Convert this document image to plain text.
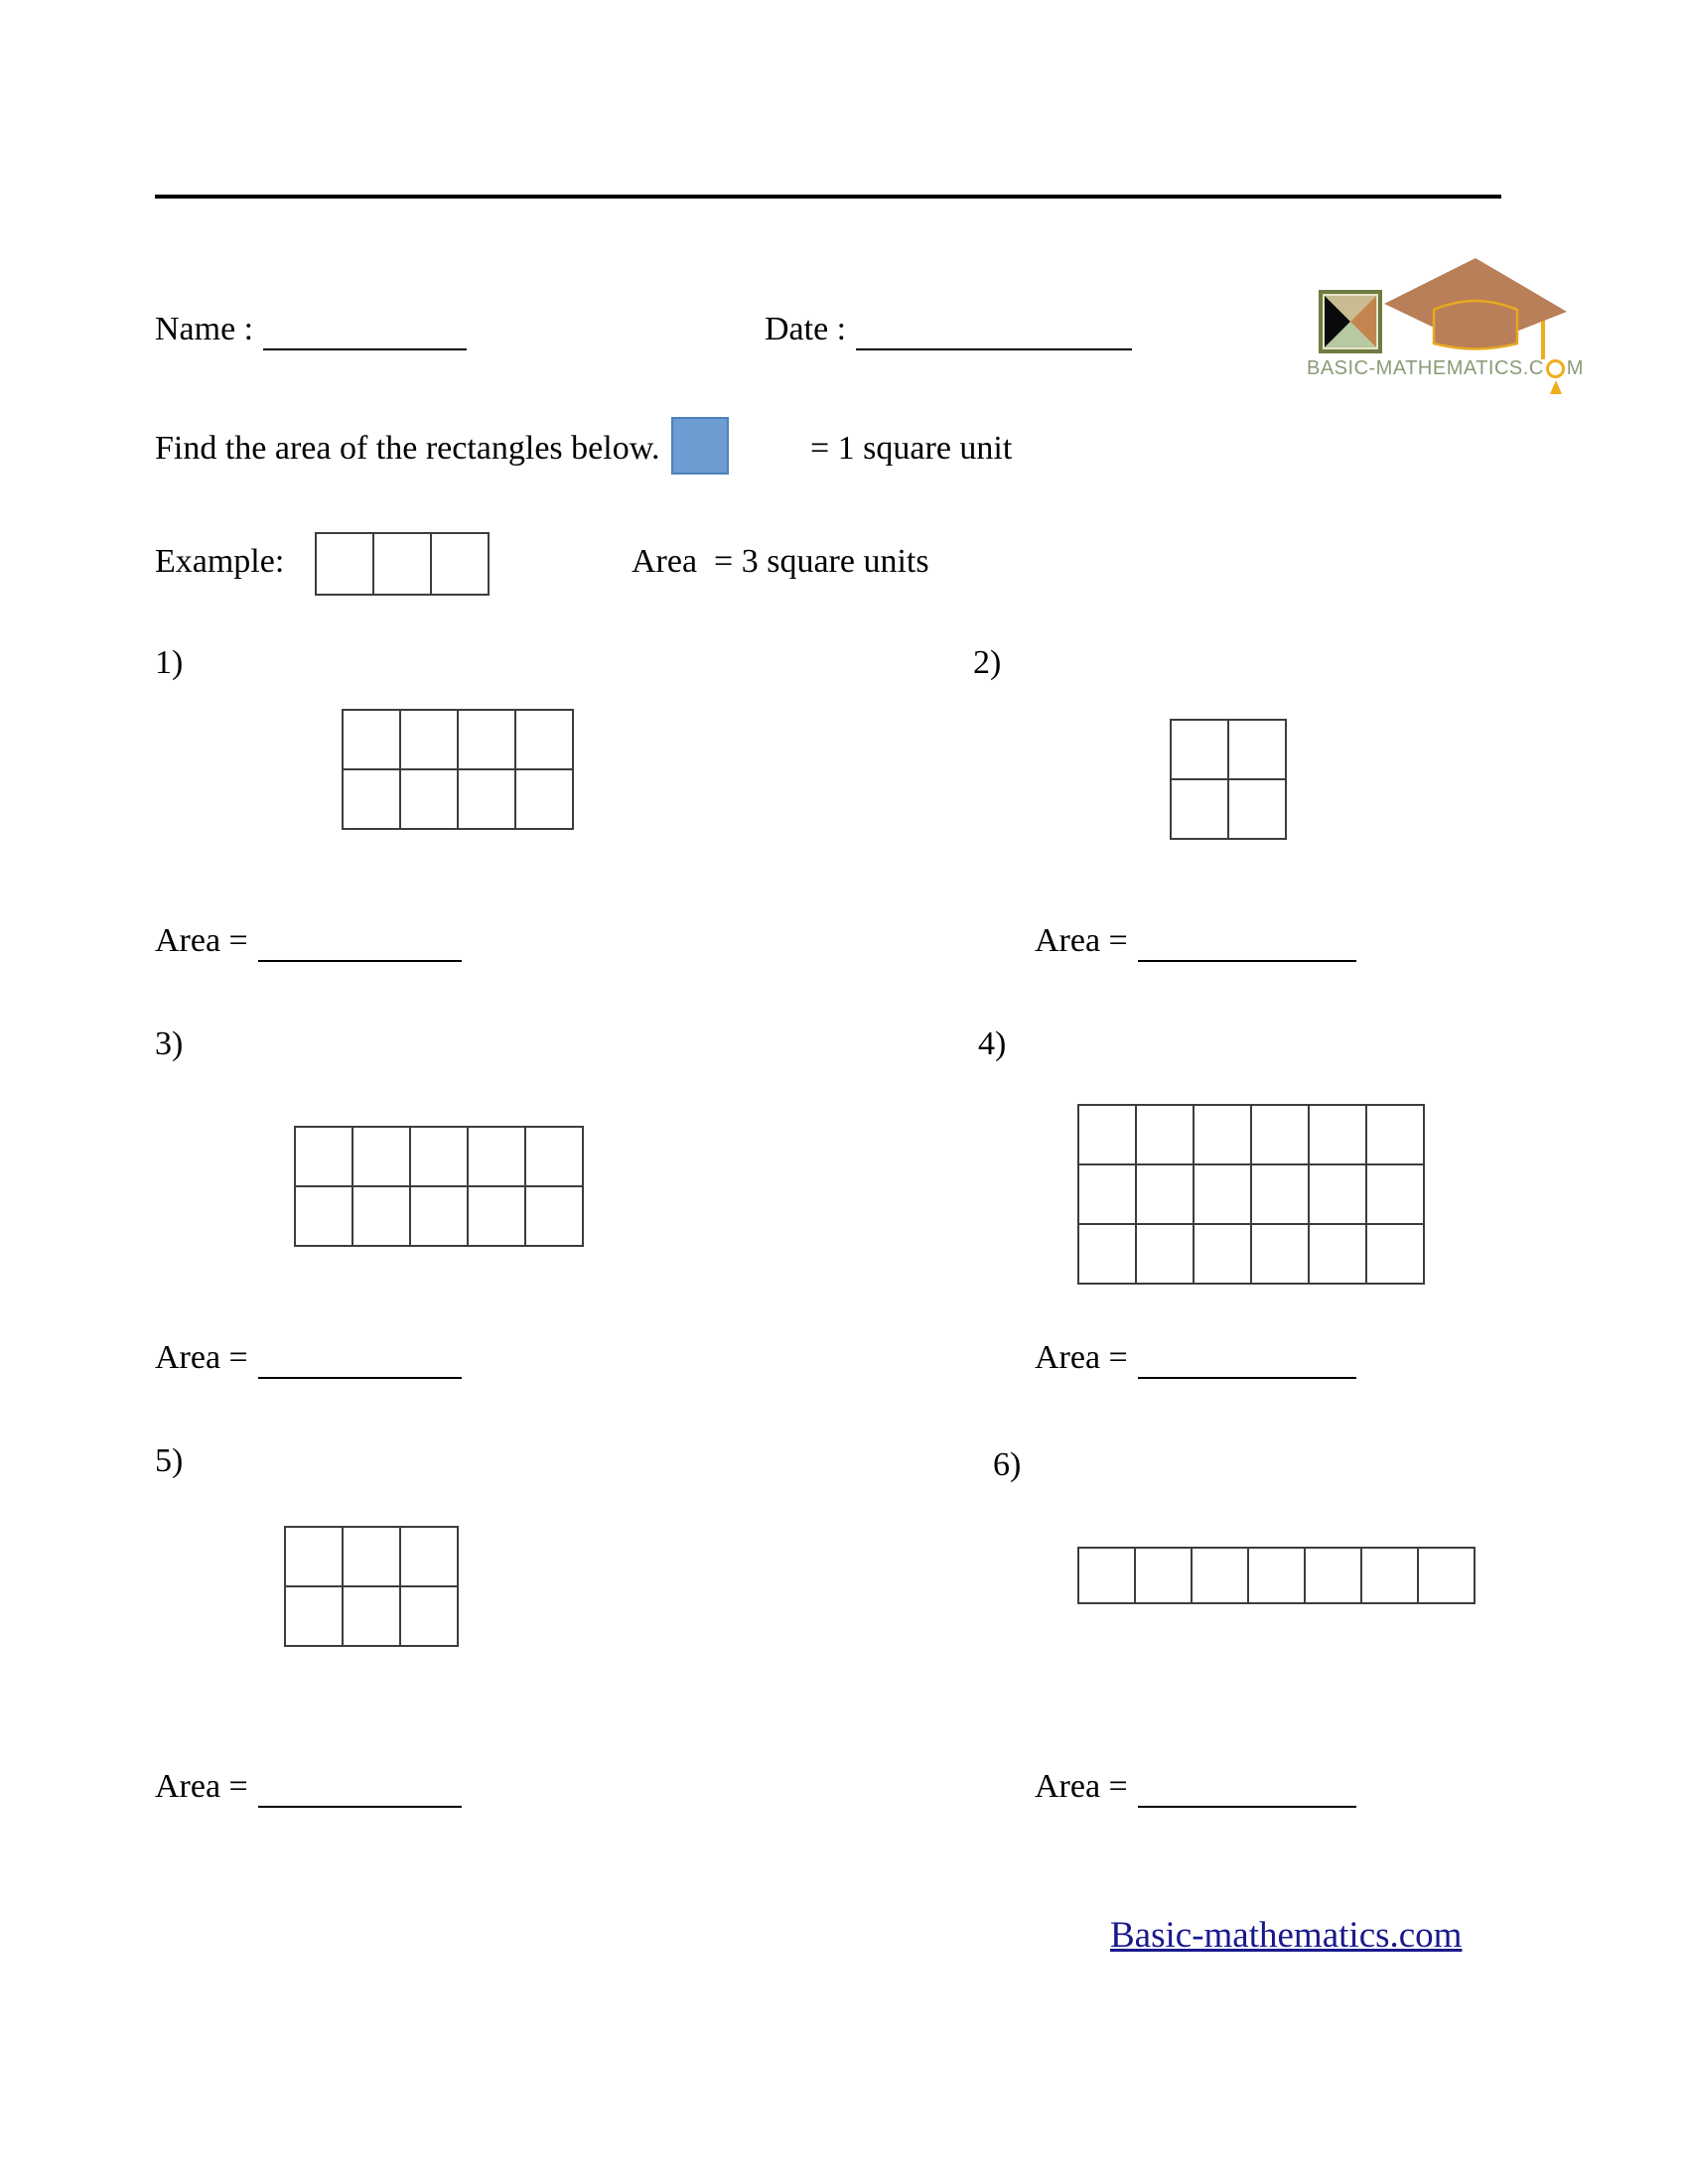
BASIC-MATHEMATICS.C M
Name :	Date :
Find the area of the rectangles below.	= 1 square unit
Example:	Area  = 3 square units
1)	2)
Area =	Area =
3)	4)
Area =	Area =
5)	6)
Area =	Area =
Basic-mathematics.com
